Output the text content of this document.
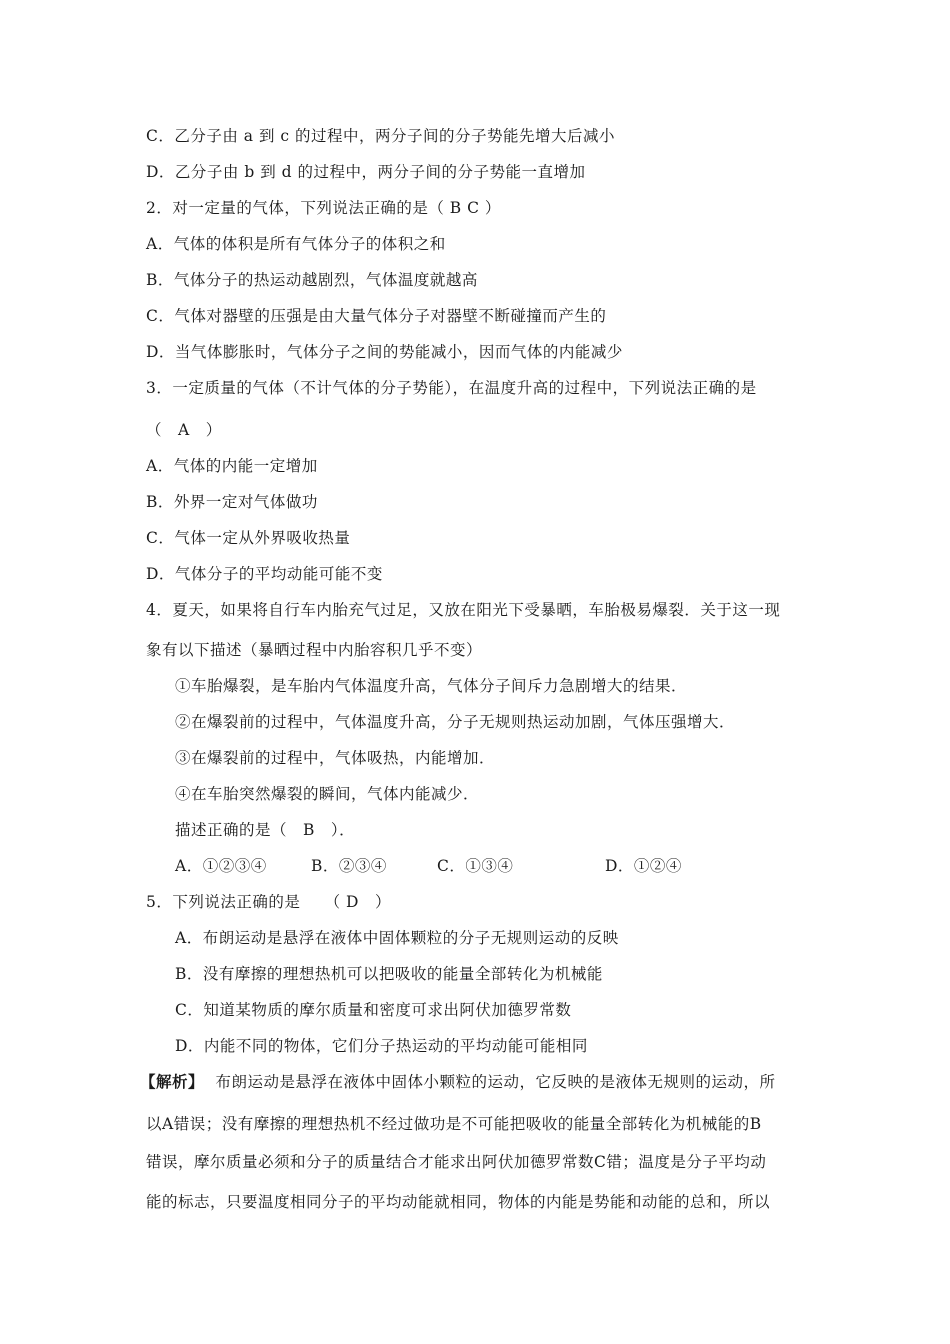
C．乙分子由 a 到 c 的过程中，两分子间的分子势能先增大后减小
D．乙分子由 b 到 d 的过程中，两分子间的分子势能一直增加
2．对一定量的气体，下列说法正确的是（ B C ）
A．气体的体积是所有气体分子的体积之和
B．气体分子的热运动越剧烈，气体温度就越高
C．气体对器壁的压强是由大量气体分子对器壁不断碰撞而产生的
D．当气体膨胀时，气体分子之间的势能减小，因而气体的内能减少
3．一定质量的气体（不计气体的分子势能），在温度升高的过程中，下列说法正确的是
（　A　）
A．气体的内能一定增加
B．外界一定对气体做功
C．气体一定从外界吸收热量
D．气体分子的平均动能可能不变
4．夏天，如果将自行车内胎充气过足，又放在阳光下受暴晒，车胎极易爆裂．关于这一现
象有以下描述（暴晒过程中内胎容积几乎不变）
①车胎爆裂，是车胎内气体温度升高，气体分子间斥力急剧增大的结果．
②在爆裂前的过程中，气体温度升高，分子无规则热运动加剧，气体压强增大．
③在爆裂前的过程中，气体吸热，内能增加．
④在车胎突然爆裂的瞬间，气体内能减少．
描述正确的是（　B　）．
A．①②③④	B．②③④	C．①③④	D．①②④
5．下列说法正确的是　　（ D　）
A．布朗运动是悬浮在液体中固体颗粒的分子无规则运动的反映
B．没有摩擦的理想热机可以把吸收的能量全部转化为机械能
C．知道某物质的摩尔质量和密度可求出阿伏加德罗常数
D．内能不同的物体，它们分子热运动的平均动能可能相同
【解析】 布朗运动是悬浮在液体中固体小颗粒的运动，它反映的是液体无规则的运动，所
以A错误；没有摩擦的理想热机不经过做功是不可能把吸收的能量全部转化为机械能的B
错误，摩尔质量必须和分子的质量结合才能求出阿伏加德罗常数C错；温度是分子平均动
能的标志，只要温度相同分子的平均动能就相同，物体的内能是势能和动能的总和，所以
